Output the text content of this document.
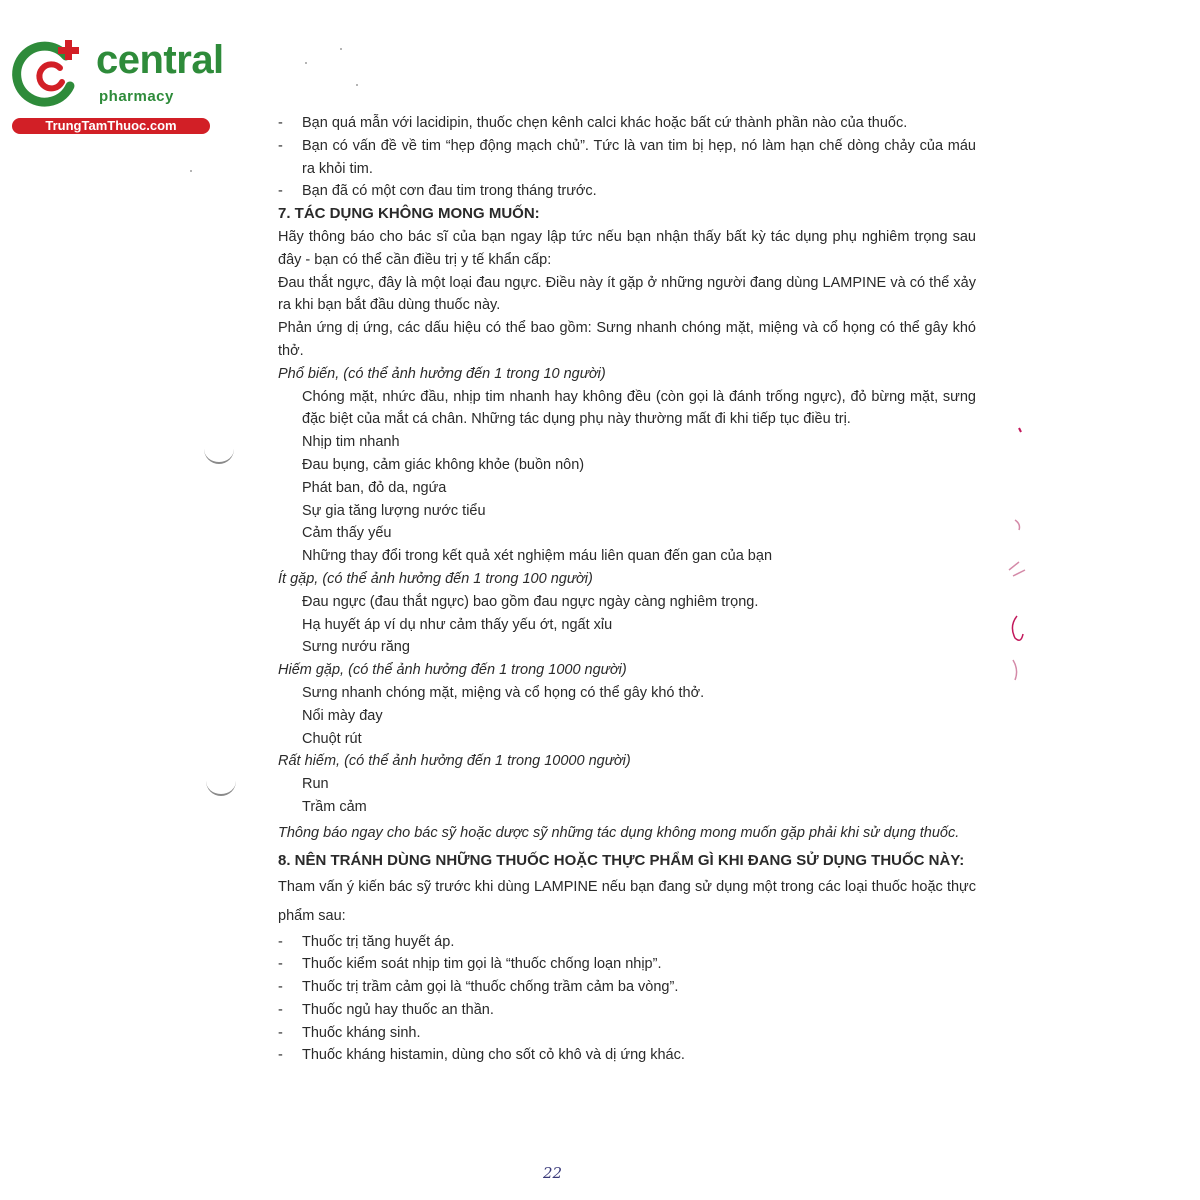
central
pharmacy
TrungTamThuoc.com	-	Bạn quá mẫn với lacidipin, thuốc chẹn kênh calci khác hoặc bất cứ thành phần nào của thuốc.
-	Bạn có vấn đề về tim “hẹp động mạch chủ”. Tức là van tim bị hẹp, nó làm hạn chế dòng chảy của máu ra khỏi tim.
-	Bạn đã có một cơn đau tim trong tháng trước.

7. TÁC DỤNG KHÔNG MONG MUỐN:

Hãy thông báo cho bác sĩ của bạn ngay lập tức nếu bạn nhận thấy bất kỳ tác dụng phụ nghiêm trọng sau đây - bạn có thể cần điều trị y tế khẩn cấp:

Đau thắt ngực, đây là một loại đau ngực. Điều này ít gặp ở những người đang dùng LAMPINE và có thể xảy ra khi bạn bắt đầu dùng thuốc này.

Phản ứng dị ứng, các dấu hiệu có thể bao gồm: Sưng nhanh chóng mặt, miệng và cổ họng có thể gây khó thở.

Phổ biến, (có thể ảnh hưởng đến 1 trong 10 người)

Chóng mặt, nhức đầu, nhịp tim nhanh hay không đều (còn gọi là đánh trống ngực), đỏ bừng mặt, sưng đặc biệt của mắt cá chân. Những tác dụng phụ này thường mất đi khi tiếp tục điều trị.

Nhịp tim nhanh

Đau bụng, cảm giác không khỏe (buồn nôn)

Phát ban, đỏ da, ngứa

Sự gia tăng lượng nước tiểu

Cảm thấy yếu

Những thay đổi trong kết quả xét nghiệm máu liên quan đến gan của bạn

Ít gặp, (có thể ảnh hưởng đến 1 trong 100 người)

Đau ngực (đau thắt ngực) bao gồm đau ngực ngày càng nghiêm trọng.

Hạ huyết áp ví dụ như cảm thấy yếu ớt, ngất xỉu

Sưng nướu răng

Hiếm gặp, (có thể ảnh hưởng đến 1 trong 1000 người)

Sưng nhanh chóng mặt, miệng và cổ họng có thể gây khó thở.

Nổi mày đay

Chuột rút

Rất hiếm, (có thể ảnh hưởng đến 1 trong 10000 người)

Run

Trầm cảm

Thông báo ngay cho bác sỹ hoặc dược sỹ những tác dụng không mong muốn gặp phải khi sử dụng thuốc.

8. NÊN TRÁNH DÙNG NHỮNG THUỐC HOẶC THỰC PHẨM GÌ KHI ĐANG SỬ DỤNG THUỐC NÀY:

Tham vấn ý kiến bác sỹ trước khi dùng LAMPINE nếu bạn đang sử dụng một trong các loại thuốc hoặc thực phẩm sau:

-	Thuốc trị tăng huyết áp.
-	Thuốc kiểm soát nhịp tim gọi là “thuốc chống loạn nhịp”.
-	Thuốc trị trầm cảm gọi là “thuốc chống trầm cảm ba vòng”.
-	Thuốc ngủ hay thuốc an thần.
-	Thuốc kháng sinh.
-	Thuốc kháng histamin, dùng cho sốt cỏ khô và dị ứng khác.
22
